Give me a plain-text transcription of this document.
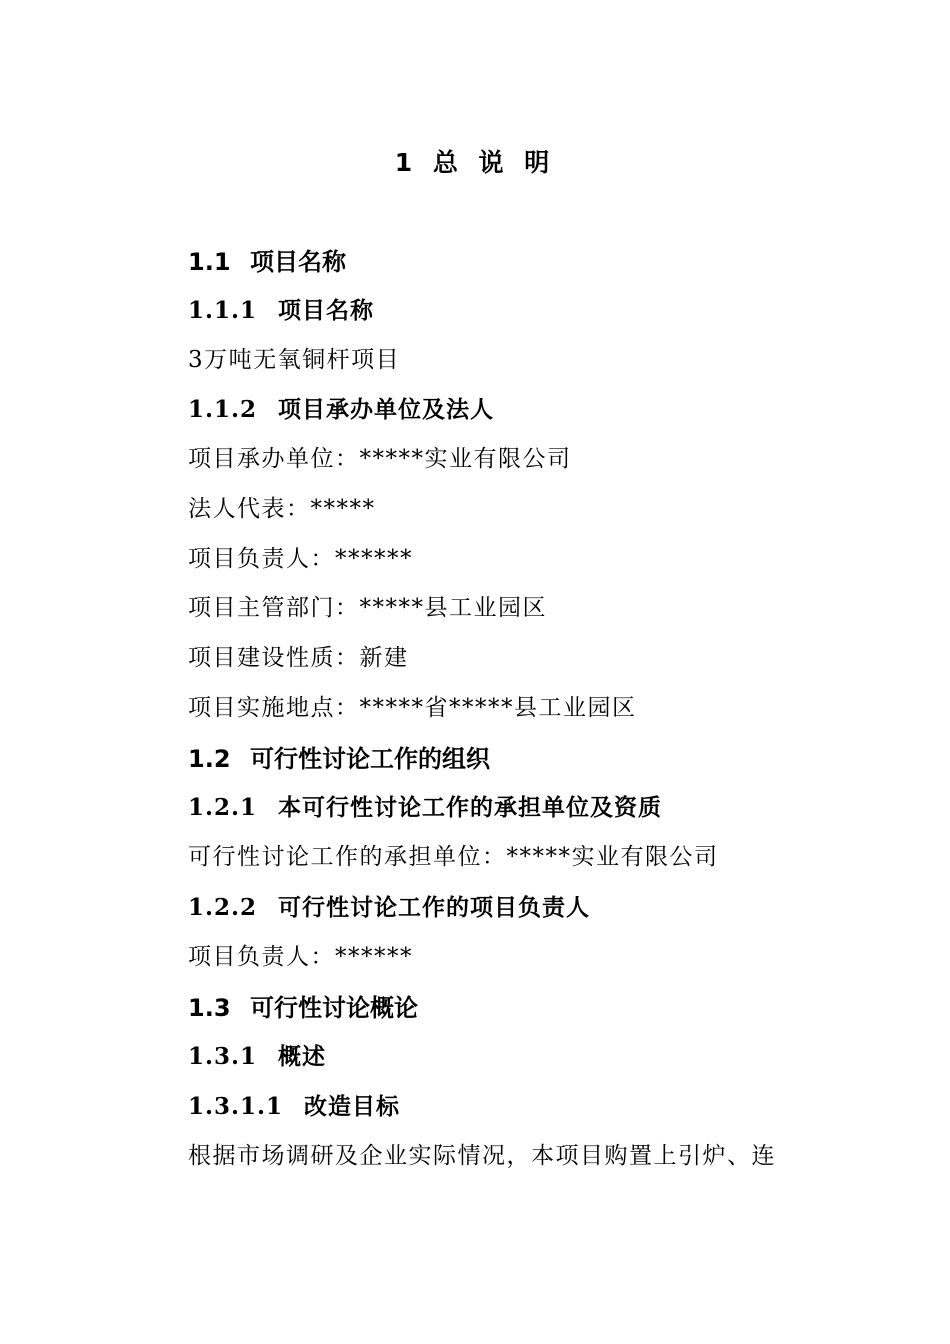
1 总 说 明
1.1 项目名称
1.1.1 项目名称
3万吨无氧铜杆项目
1.1.2 项目承办单位及法人
项目承办单位：*****实业有限公司
法人代表：*****
项目负责人：******
项目主管部门：*****县工业园区
项目建设性质：新建
项目实施地点：*****省*****县工业园区
1.2 可行性讨论工作的组织
1.2.1 本可行性讨论工作的承担单位及资质
可行性讨论工作的承担单位：*****实业有限公司
1.2.2 可行性讨论工作的项目负责人
项目负责人：******
1.3 可行性讨论概论
1.3.1 概述
1.3.1.1 改造目标
根据市场调研及企业实际情况，本项目购置上引炉、连
